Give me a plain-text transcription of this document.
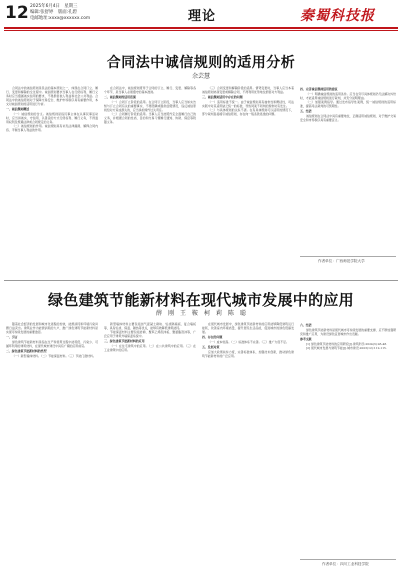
12 2025年6月4日　星期三
编辑:张舒婷　版面:孔碧
电邮地址:xxxx@xxxxxx.com	理论	秦蜀科技报
合同法中诚信规则的适用分析
余芸慧

合同法中的诚信原则是民法的基本原则之一，体现在合同订立、履行、变更和解除的全过程中。诚信原则要求当事人在行使权利、履行义务时应当遵循诚实信用的要求，不得损害他人利益和社会公共利益。合同法中的诚信原则对于保障交易安全、维护市场秩序具有重要作用，本文对诚信原则的适用进行分析。

一、诚信规则概述

（一）诚信规则的含义。诚信规则是指民事主体在从事民事活动时，应当讲诚实、守信用，以善意的方式行使权利、履行义务，不得滥用权利及规避法律或合同规定的义务。

（二）诚信规则的作用。诚信规则具有补充法律漏洞、解释合同内容、平衡当事人利益的作用。

在合同法中，诚信规则贯穿于合同的订立、履行、变更、解除等各个环节，是当事人必须遵守的基本准则。

二、诚信规则的适用范围

（一）合同订立阶段的适用。在合同订立阶段，当事人应当如实告知与订立合同有关的重要事实，不得隐瞒或提供虚假情况，违反诚信原则给对方造成损失的，应当承担缔约过失责任。

（二）合同履行阶段的适用。当事人应当按照约定全面履行自己的义务，并根据合同的性质、目的和交易习惯履行通知、协助、保密等附随义务。

（三）合同变更和解除阶段的适用。情势变更时，当事人应当本着诚信原则协商变更或解除合同，不得利用优势地位损害对方利益。

三、诚信规则适用中存在的问题

（一）适用标准不统一。由于诚信规则具有抽象性和概括性，司法实践中对其适用缺乏统一的标准，导致同案不同判的现象时有发生。

（二）与具体规则的关系不清。在有具体规则可以适用的情况下，部分裁判直接援引诚信原则，存在向一般条款逃逸的问题。

四、完善诚信规则适用的建议

（一）明确诚信规则的适用条件。应当在穷尽具体规则仍无法解决纠纷时，才能适用诚信规则进行裁判，并充分说明理由。

（二）加强案例指导。通过发布指导性案例，统一诚信规则的适用标准，提高司法裁判的可预期性。

五、结语

诚信规则在合同法中具有重要地位，正确适用诚信规则，对于维护交易安全和市场秩序具有重要意义。

作者单位：广西师范学院大学
绿色建筑节能新材料在现代城市发展中的应用
薛　刚　王　鞍　柯　莉　陈　聪

随着社会经济的发展和城市化进程的加快，能源消耗和环境污染问题日益突出。建筑业作为能源消耗的大户，推广绿色建筑节能新材料是实现可持续发展的重要途径。

一、引言

绿色建筑节能新材料是指在生产和使用过程中能耗低、污染少、可循环利用的建筑材料，在现代城市建设中具有广阔的应用前景。

二、绿色建筑节能新材料的类型

（一）新型墙体材料。（二）节能保温材料。（三）节能门窗材料。

新型墙体材料主要包括加气混凝土砌块、轻质隔墙板、复合墙板等，具有轻质、保温、隔热等优点，能够有效降低建筑能耗。

节能保温材料主要包括岩棉、聚苯乙烯泡沫板、聚氨酯泡沫等，广泛应用于建筑外墙保温系统中。

三、绿色建筑节能新材料的应用

（一）在住宅建筑中的应用。（二）在公共建筑中的应用。（三）在工业建筑中的应用。

在现代城市发展中，绿色建筑节能新材料的应用能够降低建筑运行能耗，改善室内环境质量，提升居民生活品质，促进城市的绿色低碳发展。

四、存在的问题

（一）成本较高。（二）标准体系不完善。（三）推广力度不足。

五、发展对策

应加大政策扶持力度，完善标准体系，加强技术创新，推动绿色建筑节能新材料的广泛应用。

六、结语

绿色建筑节能新材料是现代城市可持续发展的重要支撑，应不断加强研究和推广应用，为建设绿色宜居城市作出贡献。

参考文献

[1] 绿色建筑节能材料的应用研究[J].建筑科学,2024(3):45-48.

[2] 现代城市发展与建筑节能[J].城市建设,2023(12):112-115.

作者单位：四川工业科技学院
